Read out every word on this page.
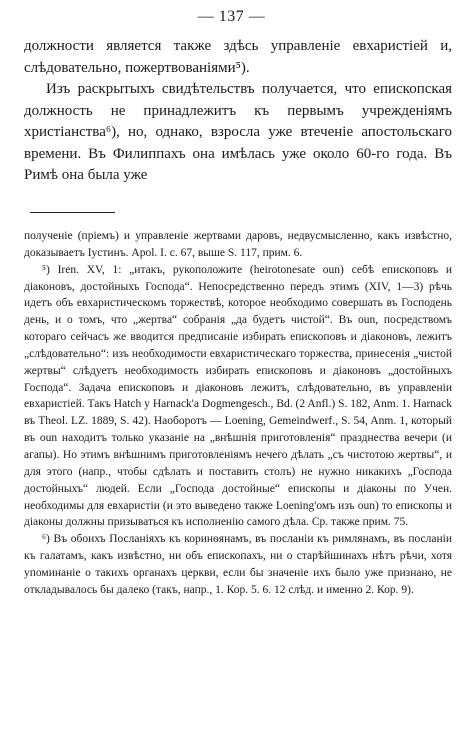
— 137 —

должности является также здѣсь управленіе евхаристіей и, слѣдовательно, пожертвованіями⁵).

Изъ раскрытыхъ свидѣтельствъ получается, что епископская должность не принадлежитъ къ первымъ учрежденіямъ христіанства⁶), но, однако, взросла уже втеченіе апостольскаго времени. Въ Филиппахъ она имѣлась уже около 60-го года. Въ Римѣ она была уже

полученіе (пріемъ) и управленіе жертвами даровъ, недвусмысленно, какъ извѣстно, доказываетъ Іустинъ. Apol. I. c. 67, выше S. 117, прим. 6.

⁵) Iren. XV, 1: „итакъ, рукоположите (heirotonesate oun) себѣ епископовъ и діаконовъ, достойныхъ Господа“. Непосредственно передъ этимъ (XIV, 1—3) рѣчь идетъ объ евхаристическомъ торжествѣ, которое необходимо совершать въ Господень день, и о томъ, что „жертва“ собранія „да будетъ чистой“. Въ oun, посредствомъ котораго сейчасъ же вводится предписаніе избирать епископовъ и діаконовъ, лежитъ „слѣдовательно“: изъ необходимости евхаристическаго торжества, принесенія „чистой жертвы“ слѣдуетъ необходимость избирать епископовъ и діаконовъ „достойныхъ Господа“. Задача епископовъ и діаконовъ лежитъ, слѣдовательно, въ управленіи евхаристіей. Такъ Hatch у Harnack'а Dogmengesch., Bd. (2 Anfl.) S. 182, Anm. 1. Harnack въ Theol. LZ. 1889, S. 42). Наоборотъ — Loening, Gemeindwerf., S. 54, Anm. 1, который въ oun находитъ только указаніе на „внѣшнія приготовленія“ празднества вечери (и агапы). Но этимъ внѣшнимъ приготовленіямъ нечего дѣлать „съ чистотою жертвы“, и для этого (напр., чтобы сдѣлать и поставить столъ) не нужно никакихъ „Господа достойныхъ“ людей. Если „Господа достойные“ епископы и діаконы по Учен. необходимы для евхаристіи (и это выведено также Loening'омъ изъ oun) то епископы и діаконы должны призываться къ исполненію самого дѣла. Ср. также прим. 75.

⁶) Въ обоихъ Посланіяхъ къ коринѳянамъ, въ посланіи къ римлянамъ, въ посланіи къ галатамъ, какъ извѣстно, ни объ епископахъ, ни о старѣйшинахъ нѣтъ рѣчи, хотя упоминаніе о такихъ органахъ церкви, если бы значеніе ихъ было уже признано, не откладывалось бы далеко (такъ, напр., 1. Кор. 5. 6. 12 слѣд. и именно 2. Кор. 9).
